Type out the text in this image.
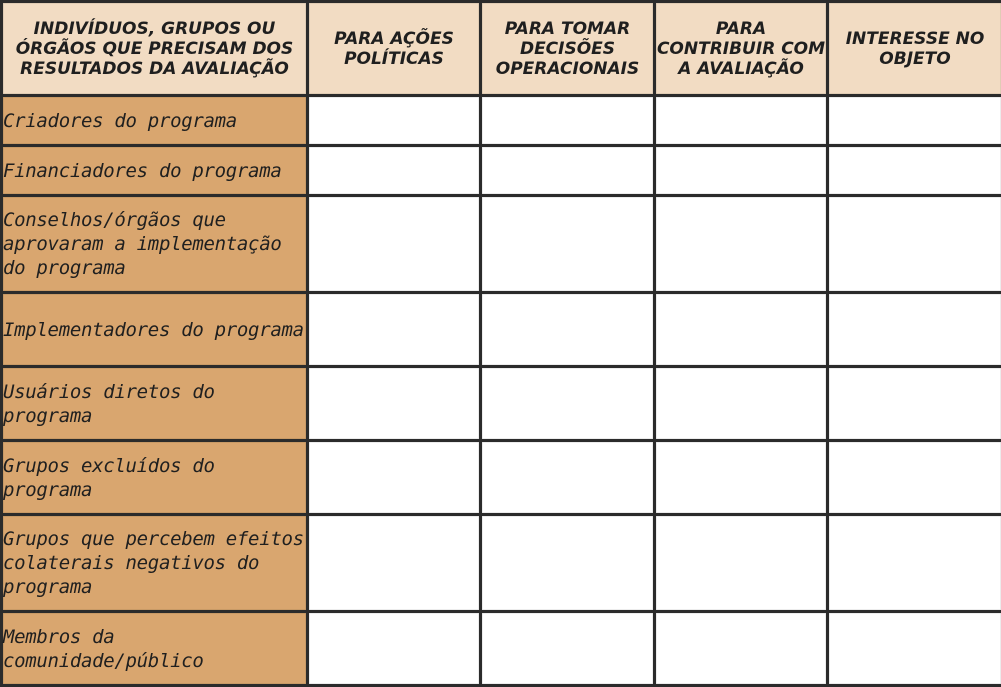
INDIVÍDUOS, GRUPOS OU ÓRGÃOS QUE PRECISAM DOS RESULTADOS DA AVALIAÇÃO	PARA AÇÕES POLÍTICAS	PARA TOMAR DECISÕES OPERACIONAIS	PARA CONTRIBUIR COM A AVALIAÇÃO	INTERESSE NO OBJETO
Criadores do programa				
Financiadores do programa				
Conselhos/órgãos que aprovaram a implementação do programa				
Implementadores do programa				
Usuários diretos do programa				
Grupos excluídos do programa				
Grupos que percebem efeitos colaterais negativos do programa				
Membros da comunidade/público				
